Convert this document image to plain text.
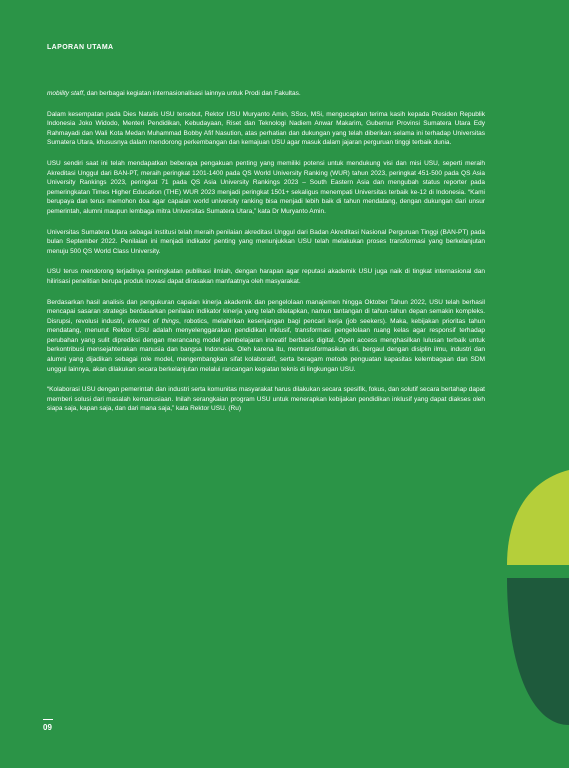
LAPORAN UTAMA

mobility staff, dan berbagai kegiatan internasionalisasi lainnya untuk Prodi dan Fakultas.

Dalam kesempatan pada Dies Natalis USU tersebut, Rektor USU Muryanto Amin, SSos, MSi, mengucapkan terima kasih kepada Presiden Republik Indonesia Joko Widodo, Menteri Pendidikan, Kebudayaan, Riset dan Teknologi Nadiem Anwar Makarim, Gubernur Provinsi Sumatera Utara Edy Rahmayadi dan Wali Kota Medan Muhammad Bobby Afif Nasution, atas perhatian dan dukungan yang telah diberikan selama ini terhadap Universitas Sumatera Utara, khususnya dalam mendorong perkembangan dan kemajuan USU agar masuk dalam jajaran perguruan tinggi terbaik dunia.

USU sendiri saat ini telah mendapatkan beberapa pengakuan penting yang memiliki potensi untuk mendukung visi dan misi USU, seperti meraih Akreditasi Unggul dari BAN-PT, meraih peringkat 1201-1400 pada QS World University Ranking (WUR) tahun 2023, peringkat 451-500 pada QS Asia University Rankings 2023, peringkat 71 pada QS Asia University Rankings 2023 – South Eastern Asia dan mengubah status reporter pada pemeringkatan Times Higher Education (THE) WUR 2023 menjadi peringkat 1501+ sekaligus menempati Universitas terbaik ke-12 di Indonesia. “Kami berupaya dan terus memohon doa agar capaian world university ranking bisa menjadi lebih baik di tahun mendatang, dengan dukungan dari unsur pemerintah, alumni maupun lembaga mitra Universitas Sumatera Utara,” kata Dr Muryanto Amin.

Universitas Sumatera Utara sebagai institusi telah meraih penilaian akreditasi Unggul dari Badan Akreditasi Nasional Perguruan Tinggi (BAN-PT) pada bulan September 2022. Penilaian ini menjadi indikator penting yang menunjukkan USU telah melakukan proses transformasi yang berkelanjutan menuju 500 QS World Class University.

USU terus mendorong terjadinya peningkatan publikasi ilmiah, dengan harapan agar reputasi akademik USU juga naik di tingkat internasional dan hilirisasi penelitian berupa produk inovasi dapat dirasakan manfaatnya oleh masyarakat.

Berdasarkan hasil analisis dan pengukuran capaian kinerja akademik dan pengelolaan manajemen hingga Oktober Tahun 2022, USU telah berhasil mencapai sasaran strategis berdasarkan penilaian indikator kinerja yang telah ditetapkan, namun tantangan di tahun-tahun depan semakin kompleks. Disrupsi, revolusi industri, internet of things, robotics, melahirkan kesenjangan bagi pencari kerja (job seekers). Maka, kebijakan prioritas tahun mendatang, menurut Rektor USU adalah menyelenggarakan pendidikan inklusif, transformasi pengelolaan ruang kelas agar responsif terhadap perubahan yang sulit diprediksi dengan merancang model pembelajaran inovatif berbasis digital. Open access menghasilkan lulusan terbaik untuk berkontribusi mensejahterakan manusia dan bangsa Indonesia. Oleh karena itu, mentransformasikan diri, bergaul dengan disiplin ilmu, industri dan alumni yang dijadikan sebagai role model, mengembangkan sifat kolaboratif, serta beragam metode penguatan kapasitas kelembagaan dan SDM unggul lainnya, akan dilakukan secara berkelanjutan melalui rancangan kegiatan teknis di lingkungan USU.

“Kolaborasi USU dengan pemerintah dan industri serta komunitas masyarakat harus dilakukan secara spesifik, fokus, dan solutif secara bertahap dapat memberi solusi dari masalah kemanusiaan. Inilah serangkaian program USU untuk menerapkan kebijakan pendidikan inklusif yang dapat diakses oleh siapa saja, kapan saja, dan dari mana saja,” kata Rektor USU. (Ru)

09
